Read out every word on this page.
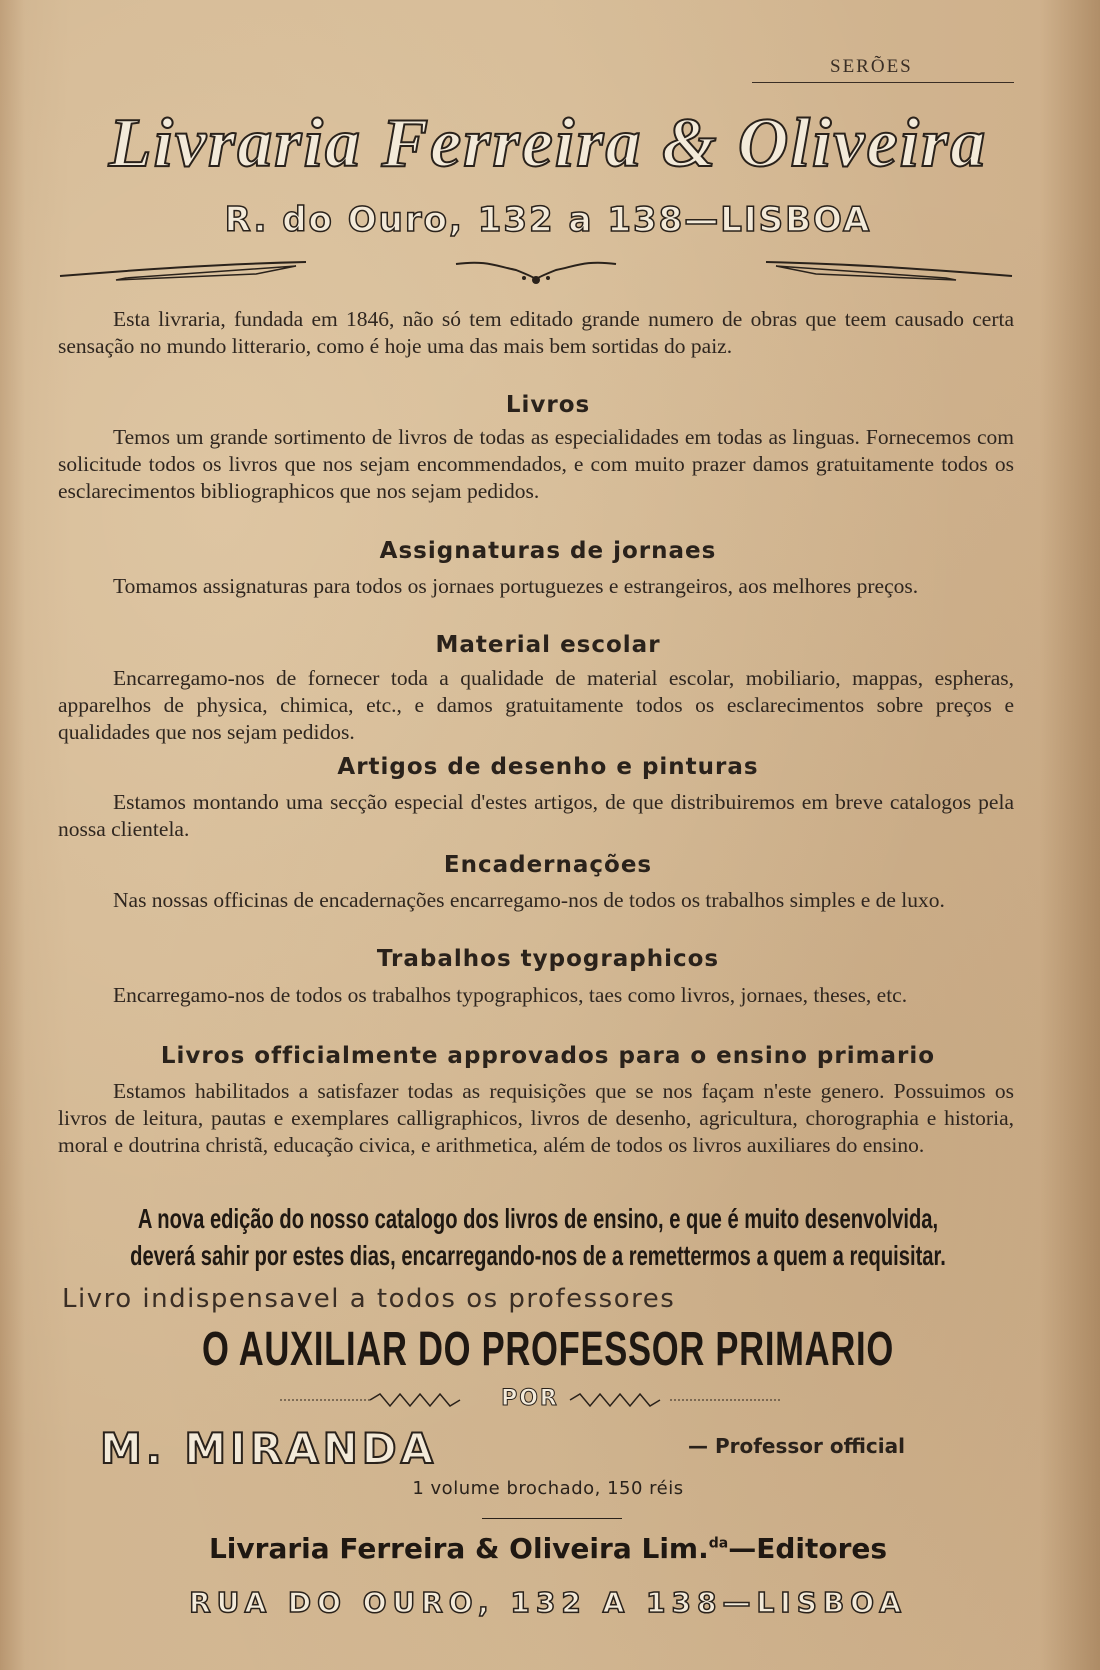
SERÕES
Livraria Ferreira & Oliveira
R. do Ouro, 132 a 138—LISBOA

Esta livraria, fundada em 1846, não só tem editado grande numero de obras que teem causado certa sensação no mundo litterario, como é hoje uma das mais bem sortidas do paiz.

Livros

Temos um grande sortimento de livros de todas as especialidades em todas as linguas. Fornecemos com solicitude todos os livros que nos sejam encommendados, e com muito prazer damos gratuitamente todos os esclarecimentos bibliographicos que nos sejam pedidos.

Assignaturas de jornaes

Tomamos assignaturas para todos os jornaes portuguezes e estrangeiros, aos melhores preços.

Material escolar

Encarregamo-nos de fornecer toda a qualidade de material escolar, mobiliario, mappas, espheras, apparelhos de physica, chimica, etc., e damos gratuitamente todos os esclarecimentos sobre preços e qualidades que nos sejam pedidos.

Artigos de desenho e pinturas

Estamos montando uma secção especial d'estes artigos, de que distribuiremos em breve catalogos pela nossa clientela.

Encadernações

Nas nossas officinas de encadernações encarregamo-nos de todos os trabalhos simples e de luxo.

Trabalhos typographicos

Encarregamo-nos de todos os trabalhos typographicos, taes como livros, jornaes, theses, etc.

Livros officialmente approvados para o ensino primario

Estamos habilitados a satisfazer todas as requisições que se nos façam n'este genero. Possuimos os livros de leitura, pautas e exemplares calligraphicos, livros de desenho, agricultura, chorographia e historia, moral e doutrina christã, educação civica, e arithmetica, além de todos os livros auxiliares do ensino.

A nova edição do nosso catalogo dos livros de ensino, e que é muito desenvolvida,
deverá sahir por estes dias, encarregando-nos de a remettermos a quem a requisitar.
Livro indispensavel a todos os professores
O AUXILIAR DO PROFESSOR PRIMARIO
POR
M. MIRANDA	— Professor official
1 volume brochado, 150 réis
Livraria Ferreira & Oliveira Lim.$^{da}$—Editores
RUA DO OURO, 132 A 138—LISBOA
